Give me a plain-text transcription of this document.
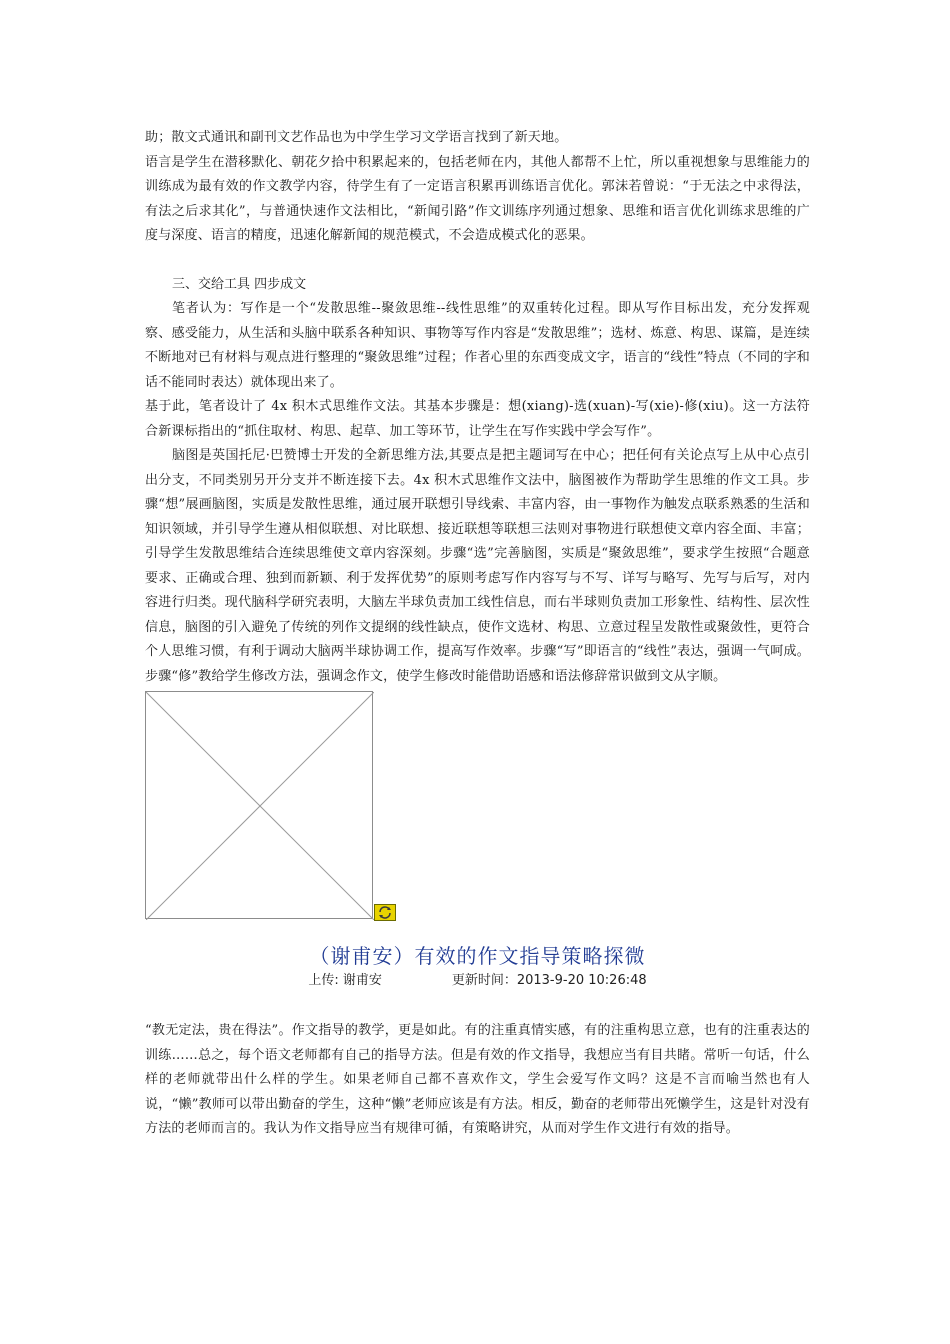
助；散文式通讯和副刊文艺作品也为中学生学习文学语言找到了新天地。

语言是学生在潜移默化、朝花夕拾中积累起来的，包括老师在内，其他人都帮不上忙，所以重视想象与思维能力的训练成为最有效的作文教学内容，待学生有了一定语言积累再训练语言优化。郭沫若曾说：“于无法之中求得法，有法之后求其化”，与普通快速作文法相比，“新闻引路”作文训练序列通过想象、思维和语言优化训练求思维的广度与深度、语言的精度，迅速化解新闻的规范模式，不会造成模式化的恶果。

三、交给工具 四步成文

笔者认为：写作是一个“发散思维--聚敛思维--线性思维”的双重转化过程。即从写作目标出发，充分发挥观察、感受能力，从生活和头脑中联系各种知识、事物等写作内容是“发散思维”；选材、炼意、构思、谋篇，是连续不断地对已有材料与观点进行整理的“聚敛思维”过程；作者心里的东西变成文字，语言的“线性”特点（不同的字和话不能同时表达）就体现出来了。

基于此，笔者设计了 4x 积木式思维作文法。其基本步骤是：想(xiang)-选(xuan)-写(xie)-修(xiu)。这一方法符合新课标指出的“抓住取材、构思、起草、加工等环节，让学生在写作实践中学会写作”。

脑图是英国托尼·巴赞博士开发的全新思维方法,其要点是把主题词写在中心；把任何有关论点写上从中心点引出分支，不同类别另开分支并不断连接下去。4x 积木式思维作文法中，脑图被作为帮助学生思维的作文工具。步骤“想”展画脑图，实质是发散性思维，通过展开联想引导线索、丰富内容，由一事物作为触发点联系熟悉的生活和知识领域，并引导学生遵从相似联想、对比联想、接近联想等联想三法则对事物进行联想使文章内容全面、丰富；引导学生发散思维结合连续思维使文章内容深刻。步骤“选”完善脑图，实质是“聚敛思维”，要求学生按照“合题意要求、正确或合理、独到而新颖、利于发挥优势”的原则考虑写作内容写与不写、详写与略写、先写与后写，对内容进行归类。现代脑科学研究表明，大脑左半球负责加工线性信息，而右半球则负责加工形象性、结构性、层次性信息，脑图的引入避免了传统的列作文提纲的线性缺点，使作文选材、构思、立意过程呈发散性或聚敛性，更符合个人思维习惯，有利于调动大脑两半球协调工作，提高写作效率。步骤“写”即语言的“线性”表达，强调一气呵成。步骤“修”教给学生修改方法，强调念作文，使学生修改时能借助语感和语法修辞常识做到文从字顺。

（谢甫安）有效的作文指导策略探微

上传: 谢甫安	更新时间：2013-9-20 10:26:48

“教无定法，贵在得法”。作文指导的教学，更是如此。有的注重真情实感，有的注重构思立意，也有的注重表达的训练……总之，每个语文老师都有自己的指导方法。但是有效的作文指导，我想应当有目共睹。常听一句话，什么样的老师就带出什么样的学生。如果老师自己都不喜欢作文，学生会爱写作文吗？这是不言而喻当然也有人说，“懒”教师可以带出勤奋的学生，这种“懒”老师应该是有方法。相反，勤奋的老师带出死懒学生，这是针对没有方法的老师而言的。我认为作文指导应当有规律可循，有策略讲究，从而对学生作文进行有效的指导。
